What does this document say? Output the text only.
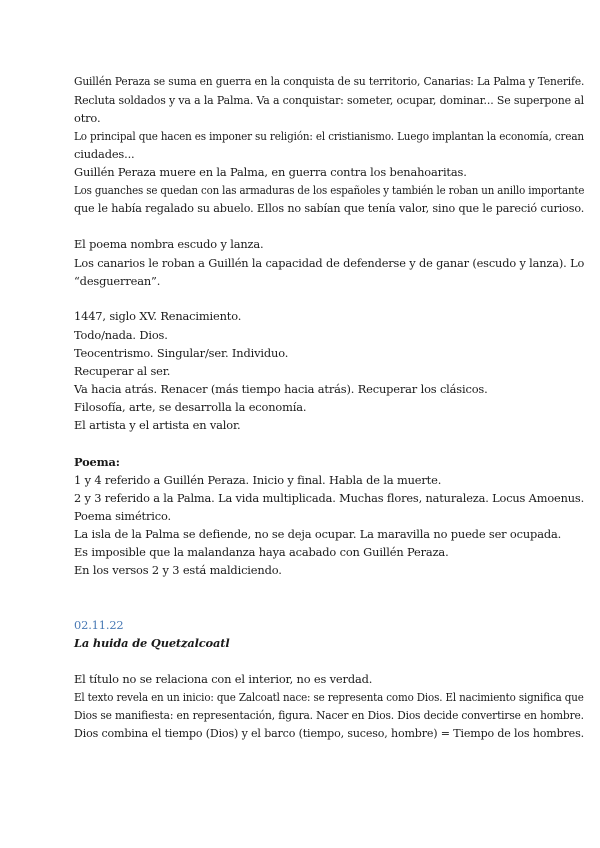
Guillén Peraza se suma en guerra en la conquista de su territorio, Canarias: La Palma y Tenerife.
Recluta soldados y va a la Palma. Va a conquistar: someter, ocupar, dominar... Se superpone al
otro.
Lo principal que hacen es imponer su religión: el cristianismo. Luego implantan la economía, crean
ciudades...
Guillén Peraza muere en la Palma, en guerra contra los benahoaritas.
Los guanches se quedan con las armaduras de los españoles y también le roban un anillo importante
que le había regalado su abuelo. Ellos no sabían que tenía valor, sino que le pareció curioso.
El poema nombra escudo y lanza.
Los canarios le roban a Guillén la capacidad de defenderse y de ganar (escudo y lanza). Lo
“desguerrean”.
1447, siglo XV. Renacimiento.
Todo/nada. Dios.
Teocentrismo. Singular/ser. Individuo.
Recuperar al ser.
Va hacia atrás. Renacer (más tiempo hacia atrás). Recuperar los clásicos.
Filosofía, arte, se desarrolla la economía.
El artista y el artista en valor.
Poema:
1 y 4 referido a Guillén Peraza. Inicio y final. Habla de la muerte.
2 y 3 referido a la Palma. La vida multiplicada. Muchas flores, naturaleza. Locus Amoenus.
Poema simétrico.
La isla de la Palma se defiende, no se deja ocupar. La maravilla no puede ser ocupada.
Es imposible que la malandanza haya acabado con Guillén Peraza.
En los versos 2 y 3 está maldiciendo.
02.11.22
La huida de Quetzalcoatl
El título no se relaciona con el interior, no es verdad.
El texto revela en un inicio: que Zalcoatl nace: se representa como Dios. El nacimiento significa que
Dios se manifiesta: en representación, figura. Nacer en Dios. Dios decide convertirse en hombre.
Dios combina el tiempo (Dios) y el barco (tiempo, suceso, hombre) = Tiempo de los hombres.
